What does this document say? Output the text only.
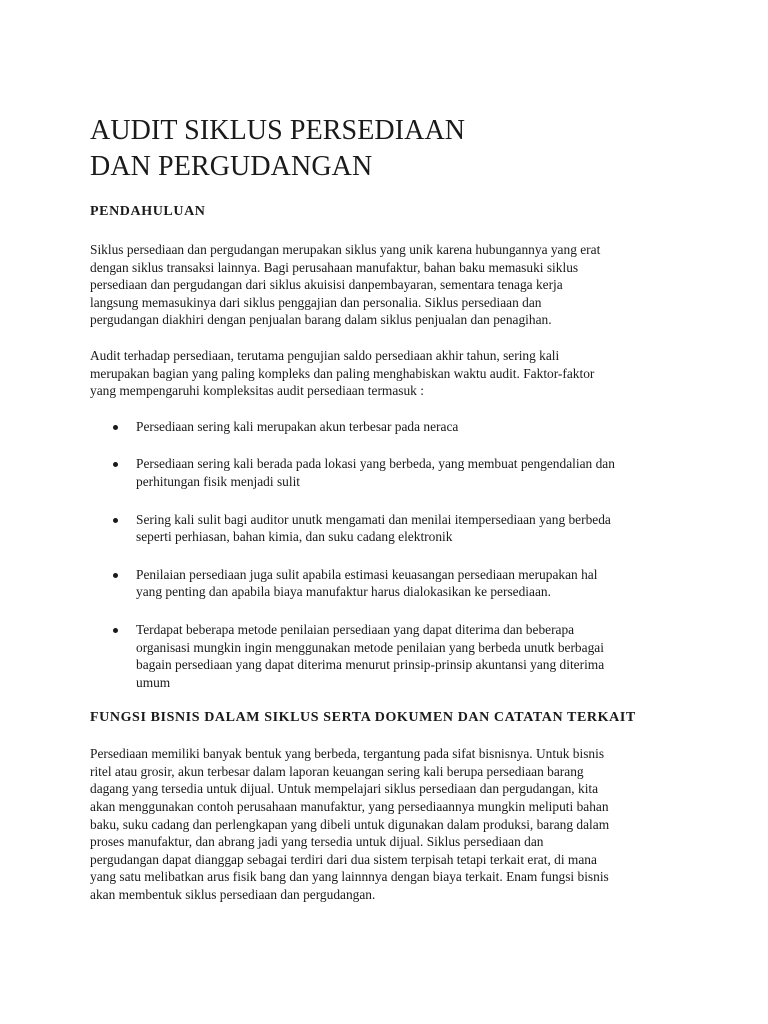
AUDIT SIKLUS PERSEDIAAN
DAN PERGUDANGAN
PENDAHULUAN

Siklus persediaan dan pergudangan merupakan siklus yang unik karena hubungannya yang erat
dengan siklus transaksi lainnya. Bagi perusahaan manufaktur, bahan baku memasuki siklus
persediaan dan pergudangan dari siklus akuisisi danpembayaran, sementara tenaga kerja
langsung memasukinya dari siklus penggajian dan personalia. Siklus persediaan dan
pergudangan diakhiri dengan penjualan barang dalam siklus penjualan dan penagihan.

Audit terhadap persediaan, terutama pengujian saldo persediaan akhir tahun, sering kali
merupakan bagian yang paling kompleks dan paling menghabiskan waktu audit. Faktor-faktor
yang mempengaruhi kompleksitas audit persediaan termasuk :

Persediaan sering kali merupakan akun terbesar pada neraca
Persediaan sering kali berada pada lokasi yang berbeda, yang membuat pengendalian dan
perhitungan fisik menjadi sulit
Sering kali sulit bagi auditor unutk mengamati dan menilai itempersediaan yang berbeda
seperti perhiasan, bahan kimia, dan suku cadang elektronik
Penilaian persediaan juga sulit apabila estimasi keuasangan persediaan merupakan hal
yang penting dan apabila biaya manufaktur harus dialokasikan ke persediaan.
Terdapat beberapa metode penilaian persediaan yang dapat diterima dan beberapa
organisasi mungkin ingin menggunakan metode penilaian yang berbeda unutk berbagai
bagain persediaan yang dapat diterima menurut prinsip-prinsip akuntansi yang diterima
umum
FUNGSI BISNIS DALAM SIKLUS SERTA DOKUMEN DAN CATATAN TERKAIT

Persediaan memiliki banyak bentuk yang berbeda, tergantung pada sifat bisnisnya. Untuk bisnis
ritel atau grosir, akun terbesar dalam laporan keuangan sering kali berupa persediaan barang
dagang yang tersedia untuk dijual. Untuk mempelajari siklus persediaan dan pergudangan, kita
akan menggunakan contoh perusahaan manufaktur, yang persediaannya mungkin meliputi bahan
baku, suku cadang dan perlengkapan yang dibeli untuk digunakan dalam produksi, barang dalam
proses manufaktur, dan abrang jadi yang tersedia untuk dijual. Siklus persediaan dan
pergudangan dapat dianggap sebagai terdiri dari dua sistem terpisah tetapi terkait erat, di mana
yang satu melibatkan arus fisik bang dan yang lainnnya dengan biaya terkait. Enam fungsi bisnis
akan membentuk siklus persediaan dan pergudangan.
